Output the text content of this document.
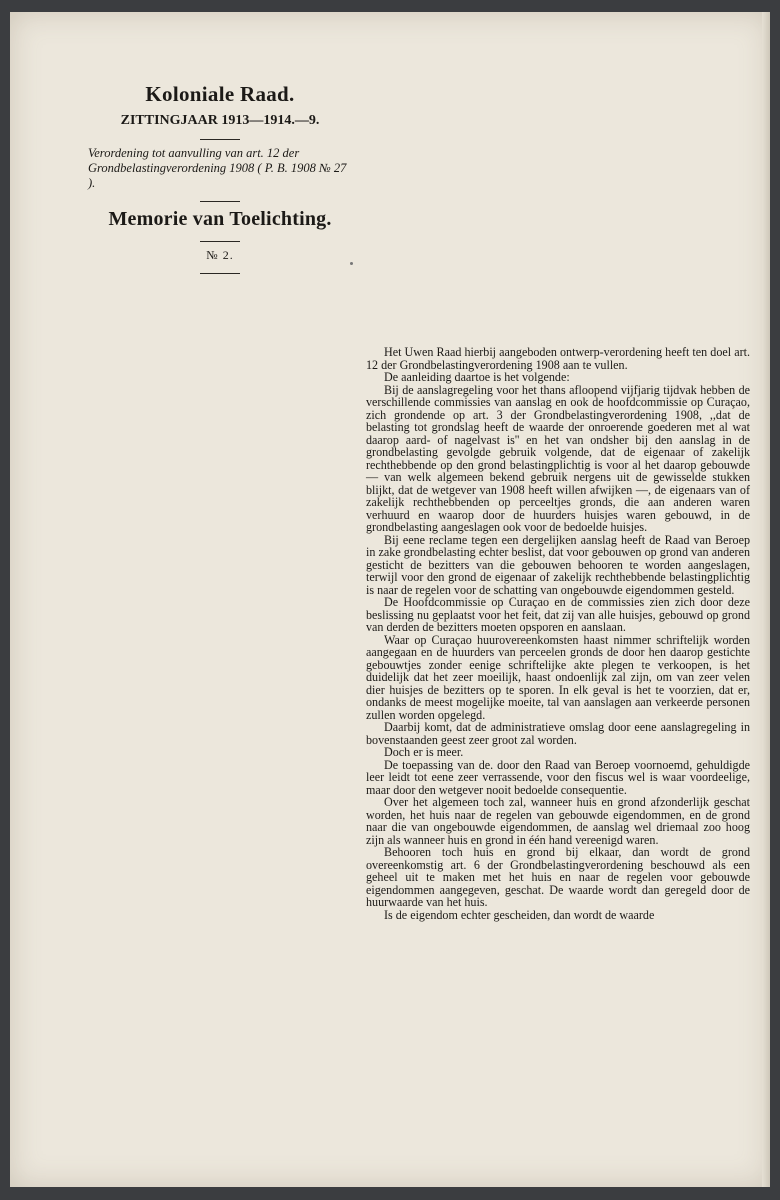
Koloniale Raad.
ZITTINGJAAR 1913—1914.—9.
Verordening tot aanvulling van art. 12 der Grondbelastingverordening 1908 ( P. B. 1908 № 27 ).
Memorie van Toelichting.
№ 2.

Het Uwen Raad hierbij aangeboden ontwerp-verordening heeft ten doel art. 12 der Grondbelastingverordening 1908 aan te vullen.

De aanleiding daartoe is het volgende:

Bij de aanslagregeling voor het thans afloopend vijfjarig tijdvak hebben de verschillende commissies van aanslag en ook de hoofdcommissie op Curaçao, zich grondende op art. 3 der Grondbelastingverordening 1908, ,,dat de belasting tot grondslag heeft de waarde der onroerende goederen met al wat daarop aard- of nagelvast is'' en het van ondsher bij den aanslag in de grondbelasting gevolgde gebruik volgende, dat de eigenaar of zakelijk rechthebbende op den grond belastingplichtig is voor al het daarop gebouwde — van welk algemeen bekend gebruik nergens uit de gewisselde stukken blijkt, dat de wetgever van 1908 heeft willen afwijken —, de eigenaars van of zakelijk rechthebbenden op perceeltjes gronds, die aan anderen waren verhuurd en waarop door de huurders huisjes waren gebouwd, in de grondbelasting aangeslagen ook voor de bedoelde huisjes.

Bij eene reclame tegen een dergelijken aanslag heeft de Raad van Beroep in zake grondbelasting echter beslist, dat voor gebouwen op grond van anderen gesticht de bezitters van die gebouwen behooren te worden aangeslagen, terwijl voor den grond de eigenaar of zakelijk rechthebbende belastingplichtig is naar de regelen voor de schatting van ongebouwde eigendommen gesteld.

De Hoofdcommissie op Curaçao en de commissies zien zich door deze beslissing nu geplaatst voor het feit, dat zij van alle huisjes, gebouwd op grond van derden de bezitters moeten opsporen en aanslaan.

Waar op Curaçao huurovereenkomsten haast nimmer schriftelijk worden aangegaan en de huurders van perceelen gronds de door hen daarop gestichte gebouwtjes zonder eenige schriftelijke akte plegen te verkoopen, is het duidelijk dat het zeer moeilijk, haast ondoenlijk zal zijn, om van zeer velen dier huisjes de bezitters op te sporen. In elk geval is het te voorzien, dat er, ondanks de meest mogelijke moeite, tal van aanslagen aan verkeerde personen zullen worden opgelegd.

Daarbij komt, dat de administratieve omslag door eene aanslagregeling in bovenstaanden geest zeer groot zal worden.

Doch er is meer.

De toepassing van de. door den Raad van Beroep voornoemd, gehuldigde leer leidt tot eene zeer verrassende, voor den fiscus wel is waar voordeelige, maar door den wetgever nooit bedoelde consequentie.

Over het algemeen toch zal, wanneer huis en grond afzonderlijk geschat worden, het huis naar de regelen van gebouwde eigendommen, en de grond naar die van ongebouwde eigendommen, de aanslag wel driemaal zoo hoog zijn als wanneer huis en grond in één hand vereenigd waren.

Behooren toch huis en grond bij elkaar, dan wordt de grond overeenkomstig art. 6 der Grondbelastingverordening beschouwd als een geheel uit te maken met het huis en naar de regelen voor gebouwde eigendommen aangegeven, geschat. De waarde wordt dan geregeld door de huurwaarde van het huis.

Is de eigendom echter gescheiden, dan wordt de waarde
